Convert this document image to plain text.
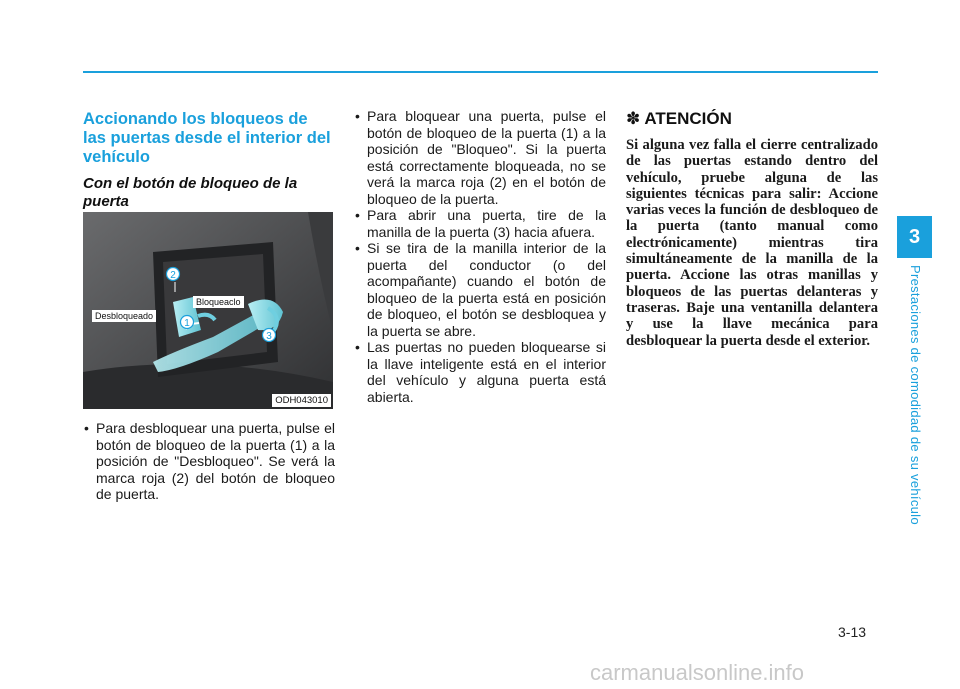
Accionando los bloqueos de las puertas desde el interior del vehículo
Con el botón de bloqueo de la puerta
2
1
3
Desbloqueado
Bloqueaclo
ODH043010
• Para desbloquear una puerta, pulse el botón de bloqueo de la puerta (1) a la posición de "Desbloqueo". Se verá la marca roja (2) del botón de bloqueo de puerta.
• Para bloquear una puerta, pulse el botón de bloqueo de la puerta (1) a la posición de "Bloqueo". Si la puerta está correctamente bloqueada, no se verá la marca roja (2) en el botón de bloqueo de la puerta.
• Para abrir una puerta, tire de la manilla de la puerta (3) hacia afuera.
• Si se tira de la manilla interior de la puerta del conductor (o del acompañante) cuando el botón de bloqueo de la puerta está en posición de bloqueo, el botón se desbloquea y la puerta se abre.
• Las puertas no pueden bloquearse si la llave inteligente está en el interior del vehículo y alguna puerta está abierta.
✽ ATENCIÓN
Si alguna vez falla el cierre centralizado de las puertas estando dentro del vehículo, pruebe alguna de las siguientes técnicas para salir: Accione varias veces la función de desbloqueo de la puerta (tanto manual como electrónicamente) mientras tira simultáneamente de la manilla de la puerta. Accione las otras manillas y bloqueos de las puertas delanteras y traseras. Baje una ventanilla delantera y use la llave mecánica para desbloquear la puerta desde el exterior.
3
Prestaciones de comodidad de su vehículo
3-13
carmanualsonline.info
